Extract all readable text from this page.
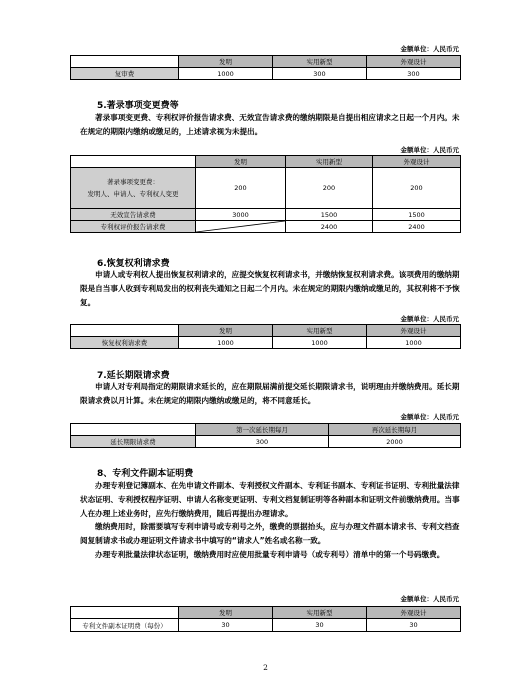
金额单位：人民币元
	发明	实用新型	外观设计
复审费	1000	300	300
5.著录事项变更费等

著录事项变更费、专利权评价报告请求费、无效宣告请求费的缴纳期限是自提出相应请求之日起一个月内。未在规定的期限内缴纳或缴足的，上述请求视为未提出。

金额单位：人民币元
	发明	实用新型	外观设计

著录事项变更费：
发明人、申请人、专利权人变更	200	200	200
无效宣告请求费	3000	1500	1500
专利权评价报告请求费		2400	2400
6.恢复权利请求费

申请人或专利权人提出恢复权利请求的，应提交恢复权利请求书，并缴纳恢复权利请求费。该项费用的缴纳期限是自当事人收到专利局发出的权利丧失通知之日起二个月内。未在规定的期限内缴纳或缴足的，其权利将不予恢复。

金额单位：人民币元
	发明	实用新型	外观设计
恢复权利请求费	1000	1000	1000
7.延长期限请求费

申请人对专利局指定的期限请求延长的，应在期限届满前提交延长期限请求书，说明理由并缴纳费用。延长期限请求费以月计算。未在规定的期限内缴纳或缴足的，将不同意延长。

金额单位：人民币元
	第一次延长期每月	再次延长期每月
延长期限请求费	300	2000
8、专利文件副本证明费

办理专利登记簿副本、在先申请文件副本、专利授权文件副本、专利证书副本、专利证书证明、专利批量法律状态证明、专利授权程序证明、申请人名称变更证明、专利文档复制证明等各种副本和证明文件前缴纳费用。当事人在办理上述业务时，应先行缴纳费用，随后再提出办理请求。

缴纳费用时，除需要填写专利申请号或专利号之外，缴费的票据抬头，应与办理文件副本请求书、专利文档查阅复制请求书或办理证明文件请求书中填写的“请求人”姓名或名称一致。

办理专利批量法律状态证明，缴纳费用时应使用批量专利申请号（或专利号）清单中的第一个号码缴费。

金额单位：人民币元
	发明	实用新型	外观设计
专利文件副本证明费（每份）	30	30	30
2
